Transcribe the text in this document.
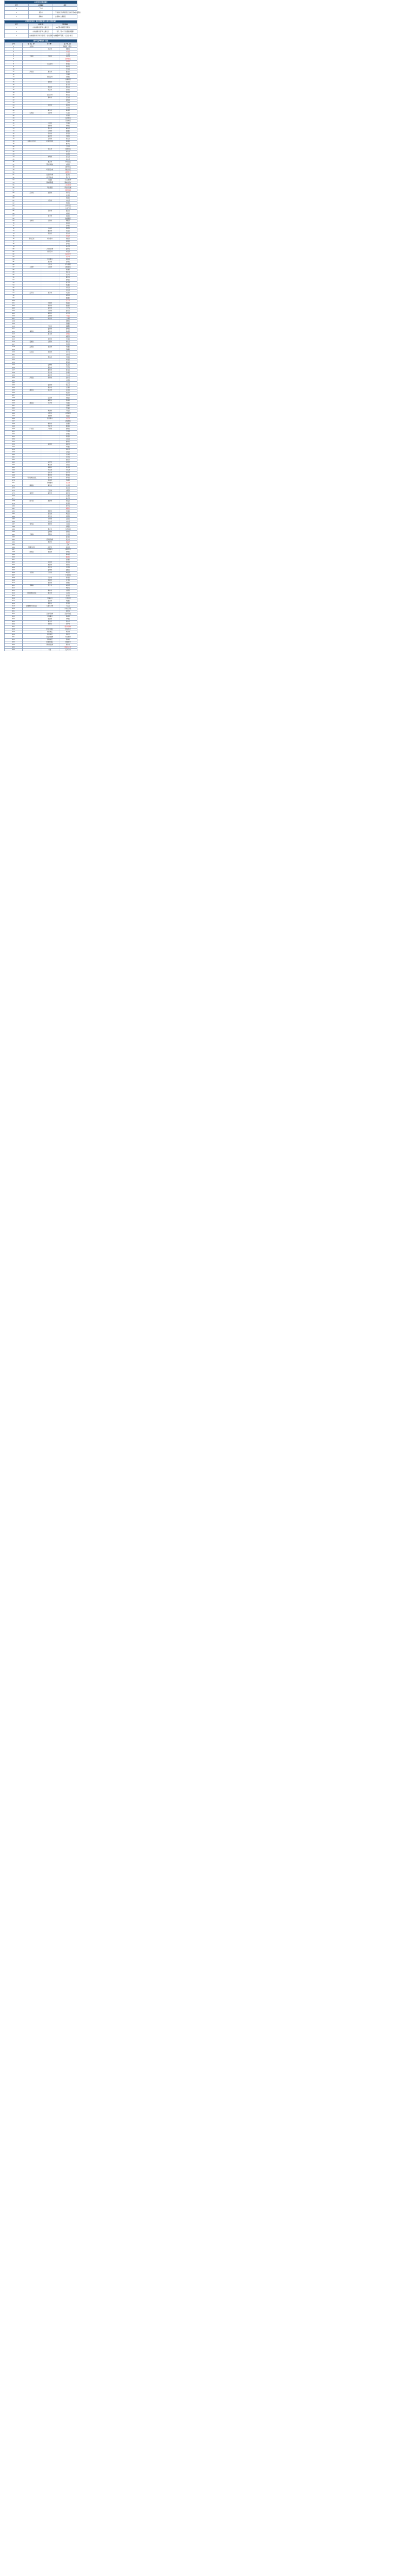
入境人员集中隔离城市		
序号	入境城市	备注
1	广州市	
2	北京市	不包括北京市海淀区正在实行区域封控管控
3	深圳市	含深圳市大鹏新区
香港特别行政区、澳门特别行政区入境人员管控城市		
序号	入境口岸	管控措施
1	内地港澳入境口岸入境人员	“14天集中隔离医学观察”
2	内地港澳入境口岸入境人员	（首个、第2个下加强健康监测）
3	内地港澳入境口岸入境人员（含从香港方向入境）	全程闭环管理、“点对点”转运
国内中高风险地区一览表			
序号	省（区、市）	市（州）	县（市、区）
1	北京市		海淀区（部分）
2		北京市	朝阳区
3			丰台区
4			大兴区
5	天津市	天津市	河北区
6			滨海新区
7			西青区
8		石家庄市	桥西区
9			新华区
10			长安区
11	河北省	唐山市	路北区
12			丰润区
13		秦皇岛市	海港区
14			北戴河区
15		邯郸市	丛台区
16			复兴区
17		邢台市	桥东区
18		保定市	竞秀区
19			莲池区
20		张家口市	桥东区
21		廊坊市	安次区
22			固安县
23			三河市
24		沧州市	新华区
25			运河区
26		衡水市	桃城区
27	山西省	太原市	小店区
28			迎泽区
29			杏花岭区
30			万柏林区
31		大同市	平城区
32		朔州市	朔城区
33		晋中市	榆次区
34		运城市	盐湖区
35		忻州市	忻府区
36		临汾市	尧都区
37		吕梁市	离石区
38	内蒙古自治区	呼和浩特市	新城区
39			赛罕区
40			玉泉区
41		包头市	昆都仑区
42			青山区
43			东河区
44		赤峰市	红山区
45			松山区
46		通辽市	科尔沁区
47		鄂尔多斯市	东胜区
48			康巴什区
49		呼伦贝尔市	海拉尔区
50			满洲里市
51		巴彦淖尔市	临河区
52		乌兰察布市	集宁区
53		兴安盟	乌兰浩特市
54		锡林郭勒盟	锡林浩特市
55			二连浩特市
56		阿拉善盟	阿拉善左旗
57			额济纳旗
58	辽宁省	沈阳市	和平区
59			沈河区
60			皇姑区
61		大连市	中山区
62			西岗区
63			沙河口区
64			甘井子区
65		丹东市	振兴区
66			东港市
67		营口市	站前区
68			鲅鱼圈区
69	吉林省	长春市	朝阳区
70			南关区
71			宽城区
72		吉林市	船营区
73		通化市	东昌区
74		延边州	延吉市
75			珲春市
76	黑龙江省	哈尔滨市	道里区
77			南岗区
78			香坊区
79			松北区
80		齐齐哈尔市	建华区
81		牡丹江市	东安区
82			绥芬河市
83			东宁市
84		佳木斯市	前进区
85		黑河市	爱辉区
86		大庆市	萨尔图区
87	上海市	上海市	浦东新区
88			黄浦区
89			徐汇区
90			长宁区
91			静安区
92			普陀区
93			虹口区
94			杨浦区
95			闵行区
96			宝山区
97	江苏省	南京市	玄武区
98			秦淮区
99			鼓楼区
100			江宁区
101		无锡市	梁溪区
102		徐州市	鼓楼区
103		常州市	天宁区
104		苏州市	姑苏区
105		南通市	崇川区
106		扬州市	广陵区
107	浙江省	杭州市	上城区
108			拱墅区
109			西湖区
110		宁波市	海曙区
111		温州市	鹿城区
112	福建省	福州市	鼓楼区
113		厦门市	思明区
114			湖里区
115		泉州市	丰泽区
116	安徽省	合肥市	蜀山区
117			包河区
118	江西省	南昌市	东湖区
119			西湖区
120	山东省	济南市	历下区
121			市中区
122		青岛市	市南区
123			市北区
124			黄岛区
125		淄博市	张店区
126		烟台市	芝罘区
127		潍坊市	奎文区
128		济宁市	任城区
129		临沂市	兰山区
130	河南省	郑州市	金水区
131			中原区
132			二七区
133		洛阳市	西工区
134		新乡市	红旗区
135	湖北省	武汉市	江岸区
136			武昌区
137			洪山区
138		宜昌市	西陵区
139		襄阳市	樊城区
140	湖南省	长沙市	芙蓉区
141			岳麓区
142			开福区
143		株洲市	芦淞区
144		岳阳市	岳阳楼区
145		常德市	武陵区
146		张家界市	永定区
147			武陵源区
148		郴州市	北湖区
149		怀化市	鹤城区
150	广东省	广州市	越秀区
151			天河区
152			海珠区
153			荔湾区
154			白云区
155			番禺区
156		深圳市	福田区
157			罗湖区
158			南山区
159			宝安区
160			龙岗区
161			龙华区
162			盐田区
163		东莞市	东莞市
164		佛山市	南海区
165		珠海市	香洲区
166		中山市	中山市
167		汕头市	金平区
168		惠州市	惠城区
169	广西壮族自治区	南宁市	青秀区
170		桂林市	秀峰区
171		防城港市	东兴市
172	海南省	海口市	龙华区
173			美兰区
174		三亚市	吉阳区
175	重庆市	重庆市	渝中区
176			江北区
177			渝北区
178	四川省	成都市	锦江区
179			武侯区
180			青羊区
181			郫都区
182		绵阳市	涪城区
183		南充市	顺庆区
184		宜宾市	翠屏区
185		泸州市	江阳区
186		乐山市	市中区
187	贵州省	贵阳市	云岩区
188			南明区
189		遵义市	红花岗区
190		安顺市	西秀区
191	云南省	昆明市	五华区
192			盘龙区
193		西双版纳州	景洪市
194		德宏州	瑞丽市
195			芒市
196	西藏自治区	拉萨市	城关区
197		日喀则市	桑珠孜区
198	陕西省	西安市	新城区
199			碑林区
200			雁塔区
201			莲湖区
202		宝鸡市	金台区
203		咸阳市	秦都区
204		延安市	宝塔区
205		榆林市	榆阳区
206	甘肃省	兰州市	城关区
207			七里河区
208		天水市	秦州区
209		张掖市	甘州区
210		酒泉市	肃州区
211	青海省	西宁市	城东区
212			城中区
213		海东市	乐都区
214	宁夏回族自治区	银川市	兴庆区
215			金凤区
216		石嘴山市	大武口区
217		吴忠市	利通区
218		固原市	原州区
219	新疆维吾尔自治区	乌鲁木齐市	天山区
220			沙依巴克区
221			新市区
222		克拉玛依市	克拉玛依区
223		吐鲁番市	高昌区
224		哈密市	伊州区
225		昌吉州	昌吉市
226		伊犁州	伊宁市
227			霍尔果斯市
228		阿克苏地区	阿克苏市
229		喀什地区	喀什市
230		和田地区	和田市
231		巴音郭楞州	库尔勒市
232		塔城地区	塔城市
233		阿勒泰地区	阿勒泰市
234		博尔塔拉州	博乐市
235			阿拉山口市
236		兵团	石河子市
